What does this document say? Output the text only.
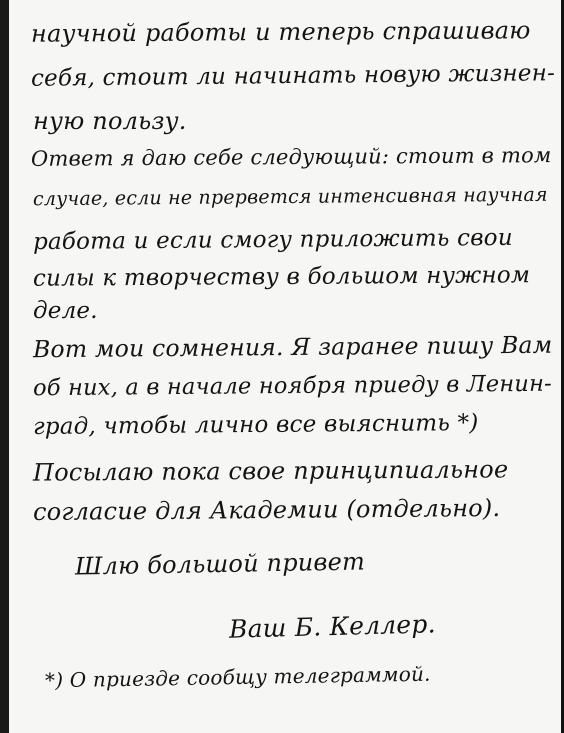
научной работы и теперь спрашиваю
себя, стоит ли начинать новую жизнен-
ную пользу.
Ответ я даю себе следующий: стоит в том
случае, если не прервется интенсивная научная
работа и если смогу приложить свои
силы к творчеству в большом нужном
деле.
Вот мои сомнения. Я заранее пишу Вам
об них, а в начале ноября приеду в Ленин-
град, чтобы лично все выяснить *)
Посылаю пока свое принципиальное
согласие для Академии (отдельно).
Шлю большой привет
Ваш Б. Келлер.
*) О приезде сообщу телеграммой.
